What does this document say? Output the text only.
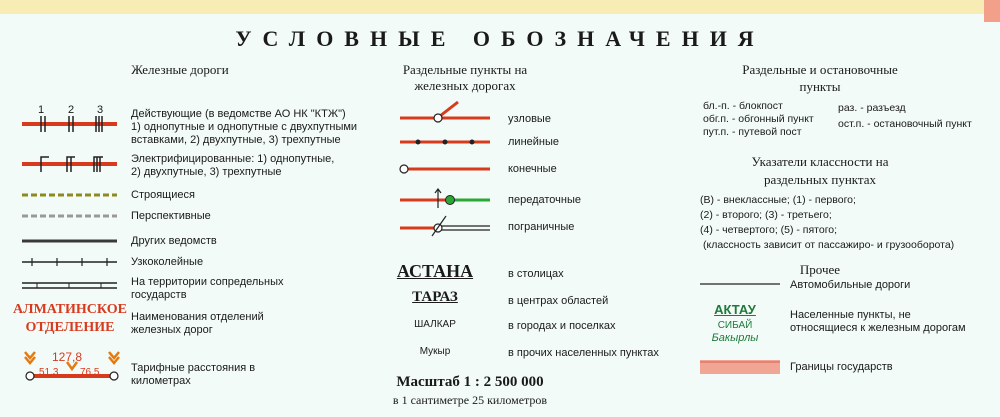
УСЛОВНЫЕ ОБОЗНАЧЕНИЯ
Железные дороги
1 2 3	Действующие (в ведомстве АО НК "КТЖ")
1) однопутные и однопутные с двухпутными
вставками, 2) двухпутные, 3) трехпутные
Электрифицированные: 1) однопутные,
2) двухпутные, 3) трехпутные
Строящиеся
Перспективные
Других ведомств
Узкоколейные
На территории сопредельных
государств
АЛМАТИНСКОЕ
ОТДЕЛЕНИЕ
Наименования отделений
железных дорог
127,8
51,3 76,5	Тарифные расстояния в
километрах
Раздельные пункты на
железных дорогах
узловые
линейные
конечные
передаточные
пограничные
АСТАНА	в столицах
ТАРАЗ	в центрах областей
ШАЛКАР	в городах и поселках
Мукыр	в прочих населенных пунктах
Масштаб 1 : 2 500 000
в 1 сантиметре 25 километров
Раздельные и остановочные
пункты
бл.-п. - блокпост
обг.п. - обгонный пункт
пут.п. - путевой пост
раз. - разъезд
ост.п. - остановочный пункт
Указатели классности на
раздельных пунктах
(В) - внеклассные; (1) - первого;
(2) - второго; (3) - третьего;
(4) - четвертого; (5) - пятого;
(классность зависит от пассажиро- и грузооборота)
Прочее
Автомобильные дороги
АКТАУ
СИБАЙ
Бакырлы
Населенные пункты, не
относящиеся к железным дорогам
Границы государств
